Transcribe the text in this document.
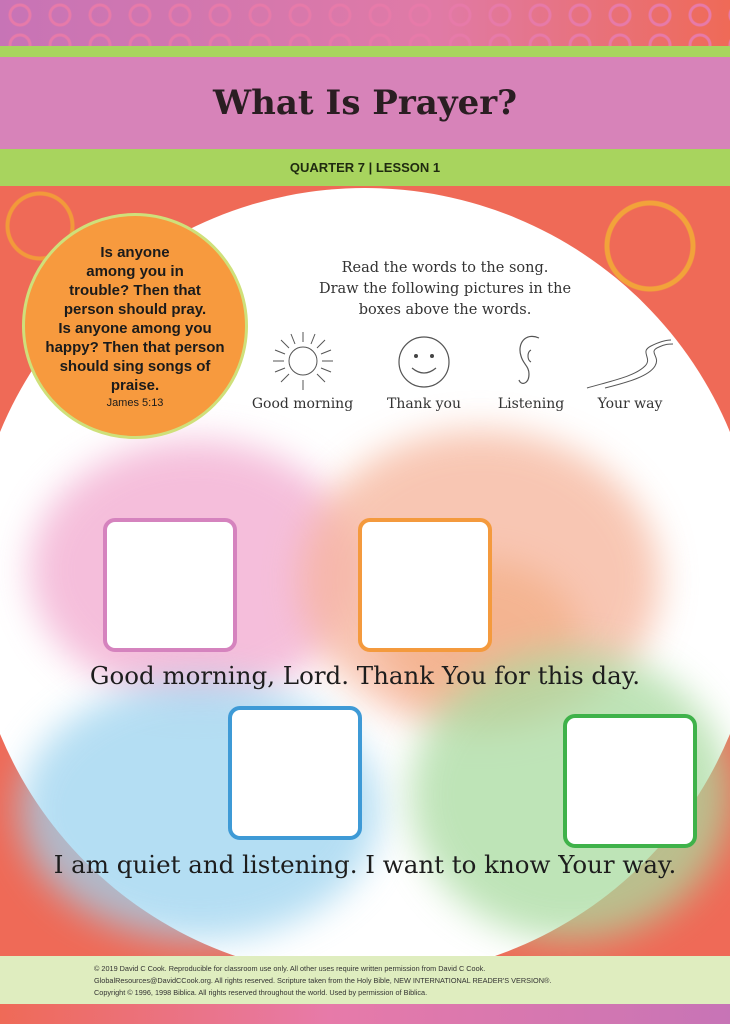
What Is Prayer?
QUARTER 7 | LESSON 1
Is anyone
among you in
trouble? Then that
person should pray.
Is anyone among you
happy? Then that person
should sing songs of
praise.
James 5:13
Read the words to the song.
Draw the following pictures in the
boxes above the words.
Good morning	Thank you	Listening	Your way
Good morning, Lord. Thank You for this day.
I am quiet and listening. I want to know Your way.
© 2019 David C Cook. Reproducible for classroom use only. All other uses require written permission from David C Cook.
GlobalResources@DavidCCook.org. All rights reserved. Scripture taken from the Holy Bible, NEW INTERNATIONAL READER'S VERSION®.
Copyright © 1996, 1998 Biblica. All rights reserved throughout the world. Used by permission of Biblica.
